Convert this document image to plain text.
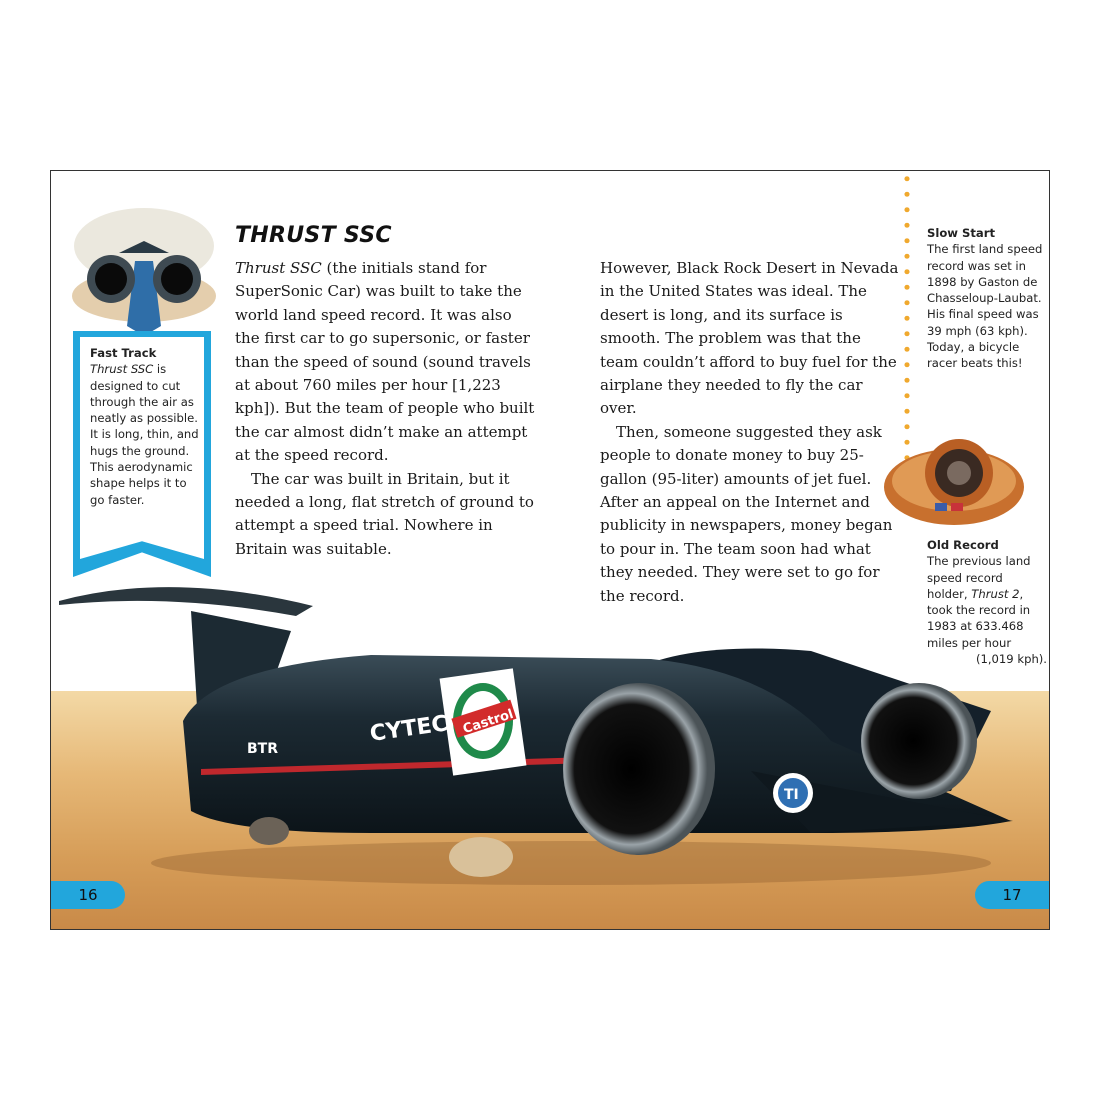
Castrol
CYTEC
BTR
TI
Fast Track
Thrust SSC is designed to cut through the air as neatly as possible. It is long, thin, and hugs the ground. This aerodynamic shape helps it to go faster.
THRUST SSC

Thrust SSC (the initials stand for SuperSonic Car) was built to take the world land speed record. It was also the first car to go supersonic, or faster than the speed of sound (sound travels at about 760 miles per hour [1,223 kph]). But the team of people who built the car almost didn’t make an attempt at the speed record.

The car was built in Britain, but it needed a long, flat stretch of ground to attempt a speed trial. Nowhere in Britain was suitable.

However, Black Rock Desert in Nevada in the United States was ideal. The desert is long, and its surface is smooth. The problem was that the team couldn’t afford to buy fuel for the airplane they needed to fly the car over.

Then, someone suggested they ask people to donate money to buy 25-gallon (95-liter) amounts of jet fuel. After an appeal on the Internet and publicity in newspapers, money began to pour in. The team soon had what they needed. They were set to go for the record.

Slow Start
The first land speed record was set in 1898 by Gaston de Chasseloup-Laubat. His final speed was 39 mph (63 kph). Today, a bicycle racer beats this!
Old Record
The previous land speed record holder, Thrust 2, took the record in 1983 at 633.468 miles per hour
(1,019 kph).
16	17
